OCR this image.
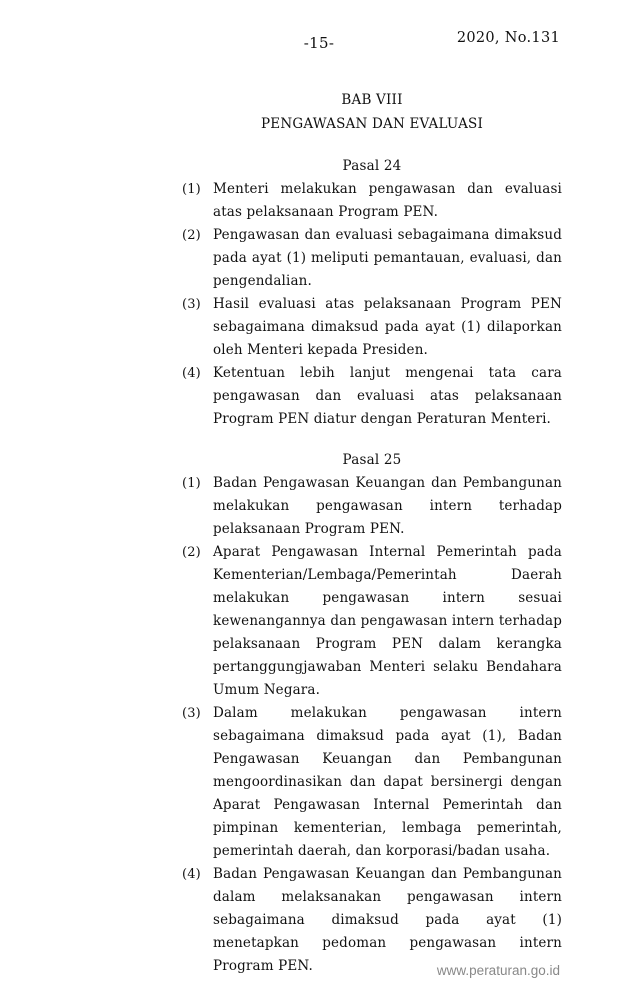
-15-	2020, No.131
BAB VIII
PENGAWASAN DAN EVALUASI
Pasal 24
(1) Menteri melakukan pengawasan dan evaluasi atas pelaksanaan Program PEN.
(2) Pengawasan dan evaluasi sebagaimana dimaksud pada ayat (1) meliputi pemantauan, evaluasi, dan pengendalian.
(3) Hasil evaluasi atas pelaksanaan Program PEN sebagaimana dimaksud pada ayat (1) dilaporkan oleh Menteri kepada Presiden.
(4) Ketentuan lebih lanjut mengenai tata cara pengawasan dan evaluasi atas pelaksanaan Program PEN diatur dengan Peraturan Menteri.
Pasal 25
(1) Badan Pengawasan Keuangan dan Pembangunan melakukan pengawasan intern terhadap pelaksanaan Program PEN.
(2) Aparat Pengawasan Internal Pemerintah pada Kementerian/Lembaga/Pemerintah Daerah melakukan pengawasan intern sesuai kewenangannya dan pengawasan intern terhadap pelaksanaan Program PEN dalam kerangka pertanggungjawaban Menteri selaku Bendahara Umum Negara.
(3) Dalam melakukan pengawasan intern sebagaimana dimaksud pada ayat (1), Badan Pengawasan Keuangan dan Pembangunan mengoordinasikan dan dapat bersinergi dengan Aparat Pengawasan Internal Pemerintah dan pimpinan kementerian, lembaga pemerintah, pemerintah daerah, dan korporasi/badan usaha.
(4) Badan Pengawasan Keuangan dan Pembangunan dalam melaksanakan pengawasan intern sebagaimana dimaksud pada ayat (1) menetapkan pedoman pengawasan intern Program PEN.	www.peraturan.go.id
